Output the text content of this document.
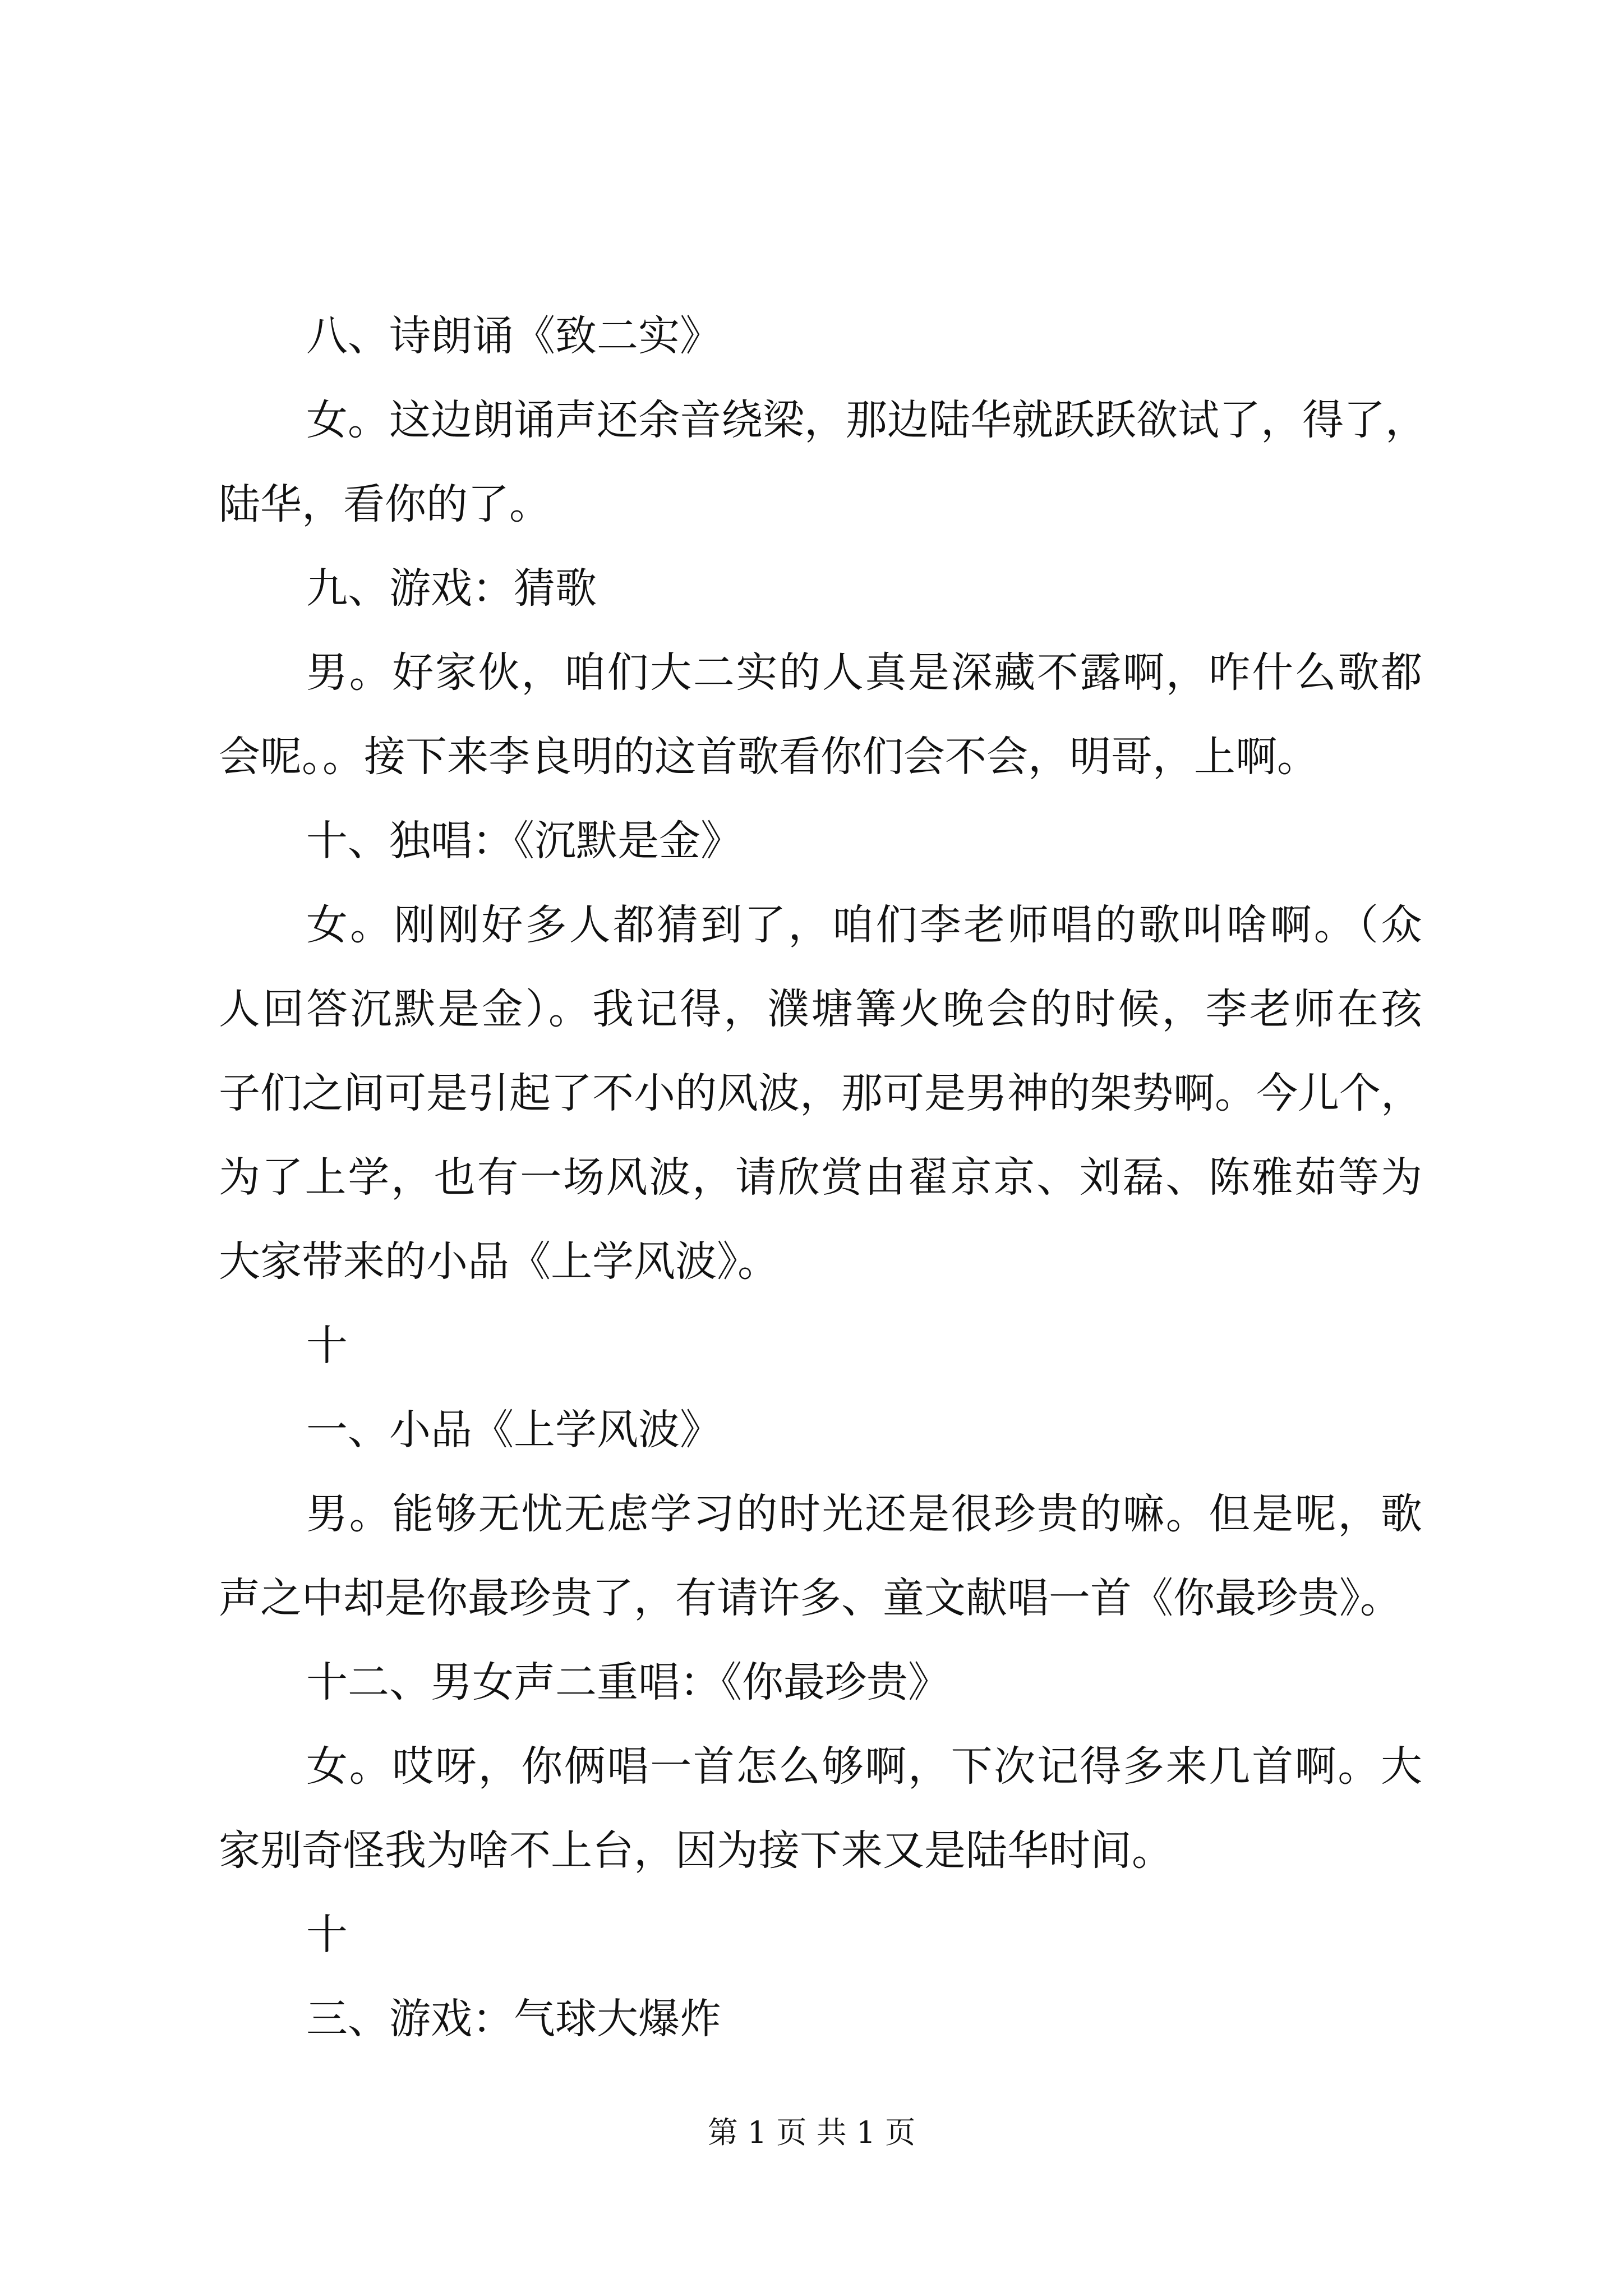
八、诗朗诵《致二实》

女。这边朗诵声还余音绕梁，那边陆华就跃跃欲试了，得了，

陆华，看你的了。

九、游戏：猜歌

男。好家伙，咱们大二实的人真是深藏不露啊，咋什么歌都

会呢。。接下来李良明的这首歌看你们会不会，明哥，上啊。

十、独唱：《沉默是金》

女。刚刚好多人都猜到了，咱们李老师唱的歌叫啥啊。（众

人回答沉默是金）。我记得，濮塘篝火晚会的时候，李老师在孩

子们之间可是引起了不小的风波，那可是男神的架势啊。今儿个，

为了上学，也有一场风波，请欣赏由翟京京、刘磊、陈雅茹等为

大家带来的小品《上学风波》。

十

一、小品《上学风波》

男。能够无忧无虑学习的时光还是很珍贵的嘛。但是呢，歌

声之中却是你最珍贵了，有请许多、童文献唱一首《你最珍贵》。

十二、男女声二重唱：《你最珍贵》

女。哎呀，你俩唱一首怎么够啊，下次记得多来几首啊。大

家别奇怪我为啥不上台，因为接下来又是陆华时间。

十

三、游戏：气球大爆炸

第 1 页 共 1 页
